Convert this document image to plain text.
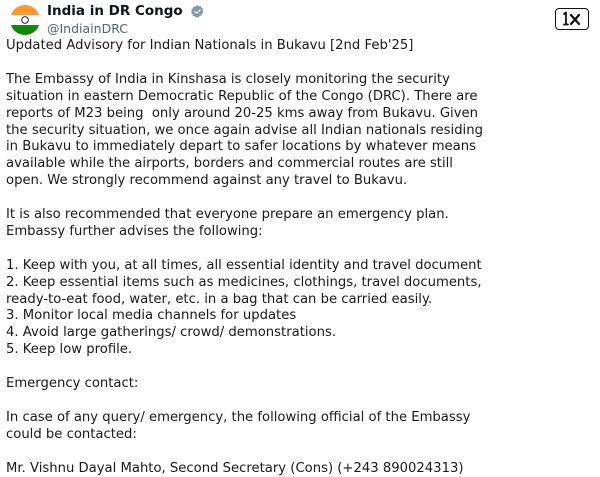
India in DR Congo
@IndiainDRC

Updated Advisory for Indian Nationals in Bukavu [2nd Feb'25]

The Embassy of India in Kinshasa is closely monitoring the security
situation in eastern Democratic Republic of the Congo (DRC). There are
reports of M23 being  only around 20-25 kms away from Bukavu. Given
the security situation, we once again advise all Indian nationals residing
in Bukavu to immediately depart to safer locations by whatever means
available while the airports, borders and commercial routes are still
open. We strongly recommend against any travel to Bukavu.

It is also recommended that everyone prepare an emergency plan.
Embassy further advises the following:

1. Keep with you, at all times, all essential identity and travel document
2. Keep essential items such as medicines, clothings, travel documents,
ready-to-eat food, water, etc. in a bag that can be carried easily.
3. Monitor local media channels for updates
4. Avoid large gatherings/ crowd/ demonstrations.
5. Keep low profile.

Emergency contact:

In case of any query/ emergency, the following official of the Embassy
could be contacted:

Mr. Vishnu Dayal Mahto, Second Secretary (Cons) (+243 890024313)
